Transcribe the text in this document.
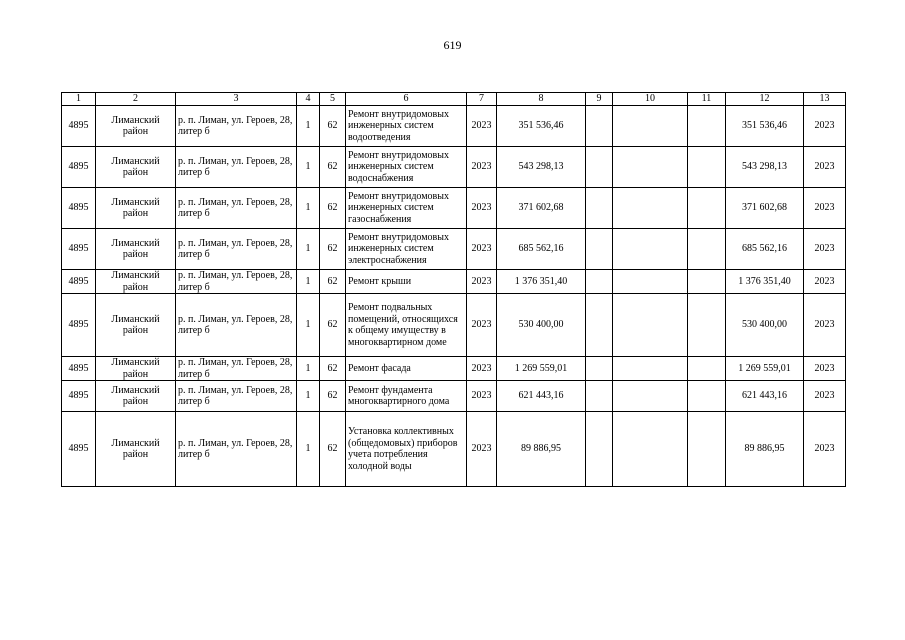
619
1	2	3	4	5	6	7	8	9	10	11	12	13
4895	Лиманский район	р. п. Лиман, ул. Героев, 28, литер б	1	62	Ремонт внутридомовых инженерных систем водоотведения	2023	351 536,46				351 536,46	2023
4895	Лиманский район	р. п. Лиман, ул. Героев, 28, литер б	1	62	Ремонт внутридомовых инженерных систем водоснабжения	2023	543 298,13				543 298,13	2023
4895	Лиманский район	р. п. Лиман, ул. Героев, 28, литер б	1	62	Ремонт внутридомовых инженерных систем газоснабжения	2023	371 602,68				371 602,68	2023
4895	Лиманский район	р. п. Лиман, ул. Героев, 28, литер б	1	62	Ремонт внутридомовых инженерных систем электроснабжения	2023	685 562,16				685 562,16	2023
4895	Лиманский район	р. п. Лиман, ул. Героев, 28, литер б	1	62	Ремонт крыши	2023	1 376 351,40				1 376 351,40	2023
4895	Лиманский район	р. п. Лиман, ул. Героев, 28, литер б	1	62	Ремонт подвальных помещений, относящихся к общему имуществу в многоквартирном доме	2023	530 400,00				530 400,00	2023
4895	Лиманский район	р. п. Лиман, ул. Героев, 28, литер б	1	62	Ремонт фасада	2023	1 269 559,01				1 269 559,01	2023
4895	Лиманский район	р. п. Лиман, ул. Героев, 28, литер б	1	62	Ремонт фундамента многоквартирного дома	2023	621 443,16				621 443,16	2023
4895	Лиманский район	р. п. Лиман, ул. Героев, 28, литер б	1	62	Установка коллективных (общедомовых) приборов учета потребления холодной воды	2023	89 886,95				89 886,95	2023
